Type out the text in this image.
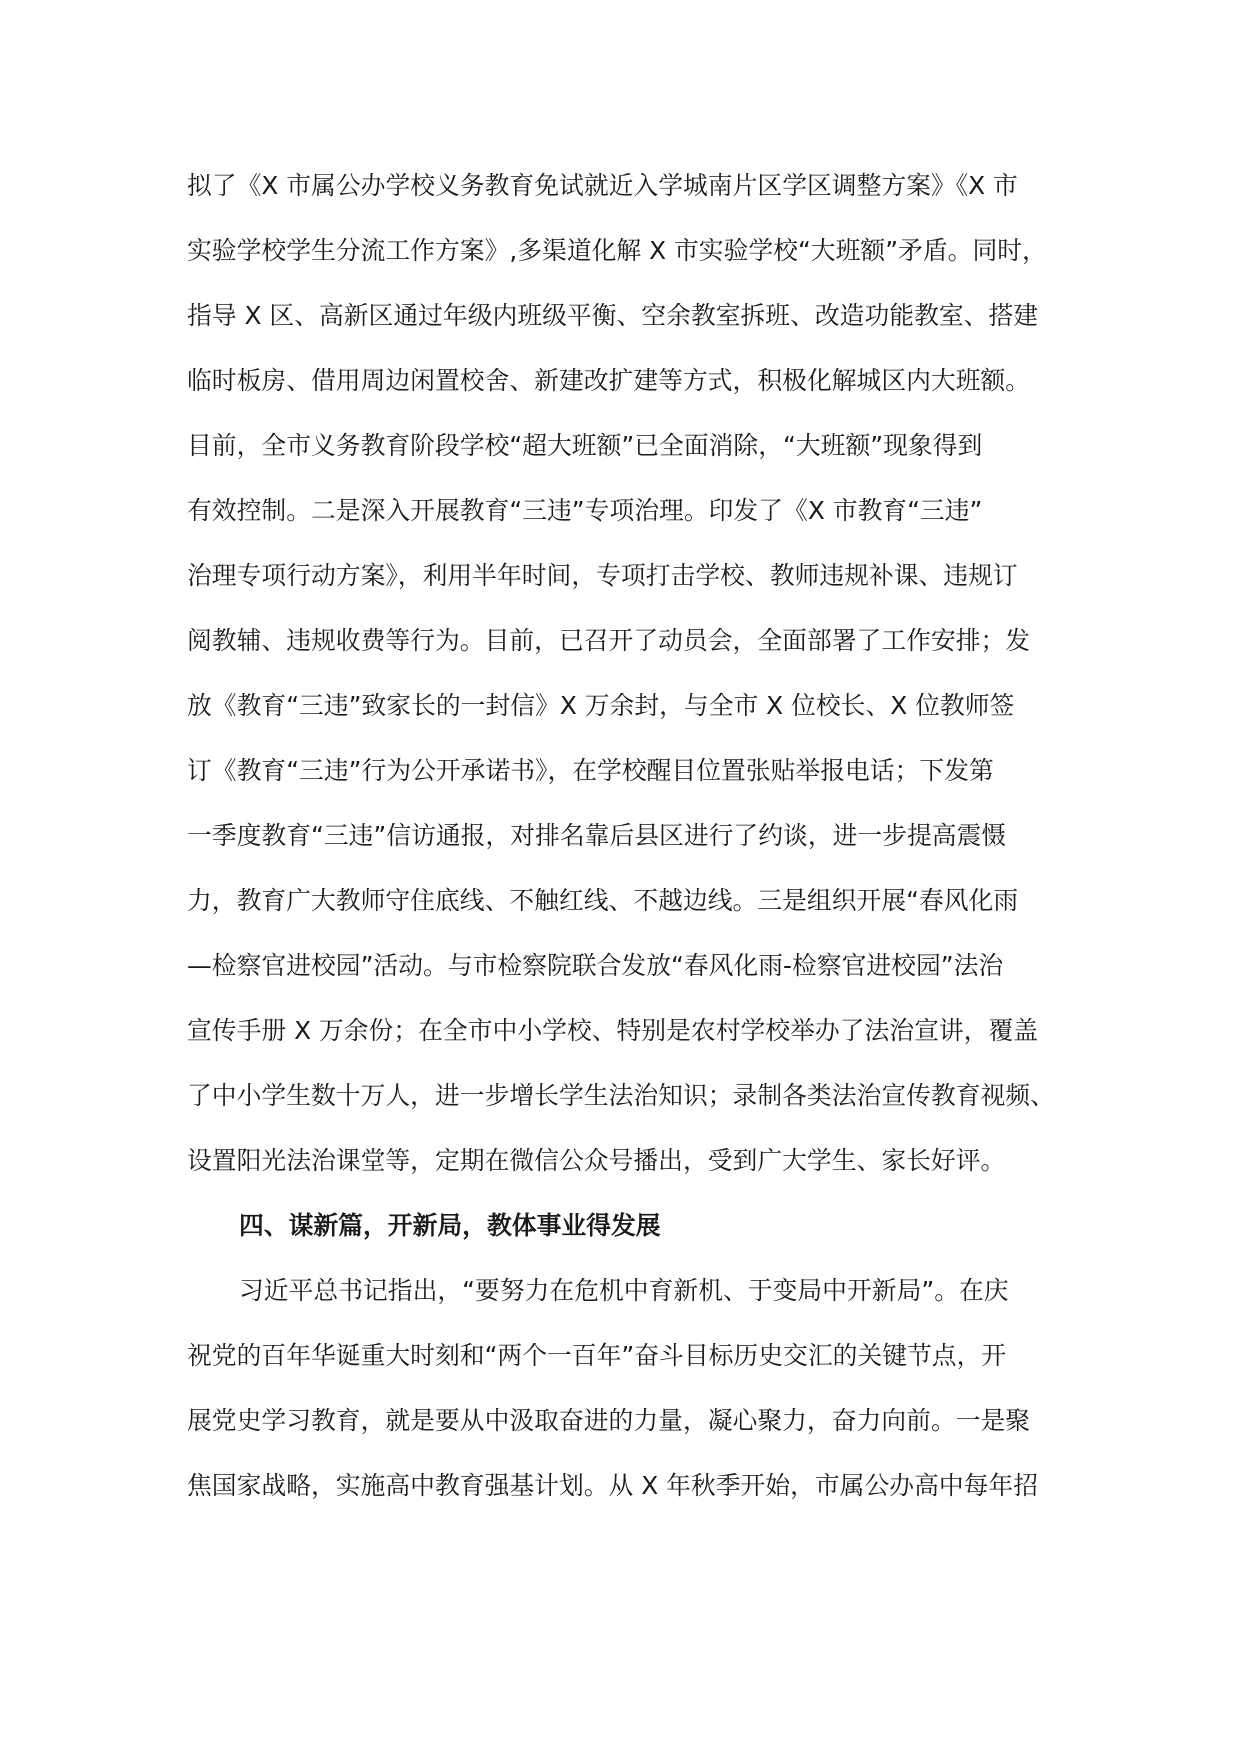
拟了《X 市属公办学校义务教育免试就近入学城南片区学区调整方案》《X 市
实验学校学生分流工作方案》,多渠道化解 X 市实验学校“大班额”矛盾。同时，
指导 X 区、高新区通过年级内班级平衡、空余教室拆班、改造功能教室、搭建
临时板房、借用周边闲置校舍、新建改扩建等方式，积极化解城区内大班额。
目前，全市义务教育阶段学校“超大班额”已全面消除，“大班额”现象得到
有效控制。二是深入开展教育“三违”专项治理。印发了《X 市教育“三违”
治理专项行动方案》，利用半年时间，专项打击学校、教师违规补课、违规订
阅教辅、违规收费等行为。目前，已召开了动员会，全面部署了工作安排；发
放《教育“三违”致家长的一封信》X 万余封，与全市 X 位校长、X 位教师签
订《教育“三违”行为公开承诺书》，在学校醒目位置张贴举报电话；下发第
一季度教育“三违”信访通报，对排名靠后县区进行了约谈，进一步提高震慑
力，教育广大教师守住底线、不触红线、不越边线。三是组织开展“春风化雨
—检察官进校园”活动。与市检察院联合发放“春风化雨-检察官进校园”法治
宣传手册 X 万余份；在全市中小学校、特别是农村学校举办了法治宣讲，覆盖
了中小学生数十万人，进一步增长学生法治知识；录制各类法治宣传教育视频、
设置阳光法治课堂等，定期在微信公众号播出，受到广大学生、家长好评。
四、谋新篇，开新局，教体事业得发展
习近平总书记指出，“要努力在危机中育新机、于变局中开新局”。在庆
祝党的百年华诞重大时刻和“两个一百年”奋斗目标历史交汇的关键节点，开
展党史学习教育，就是要从中汲取奋进的力量，凝心聚力，奋力向前。一是聚
焦国家战略，实施高中教育强基计划。从 X 年秋季开始，市属公办高中每年招
